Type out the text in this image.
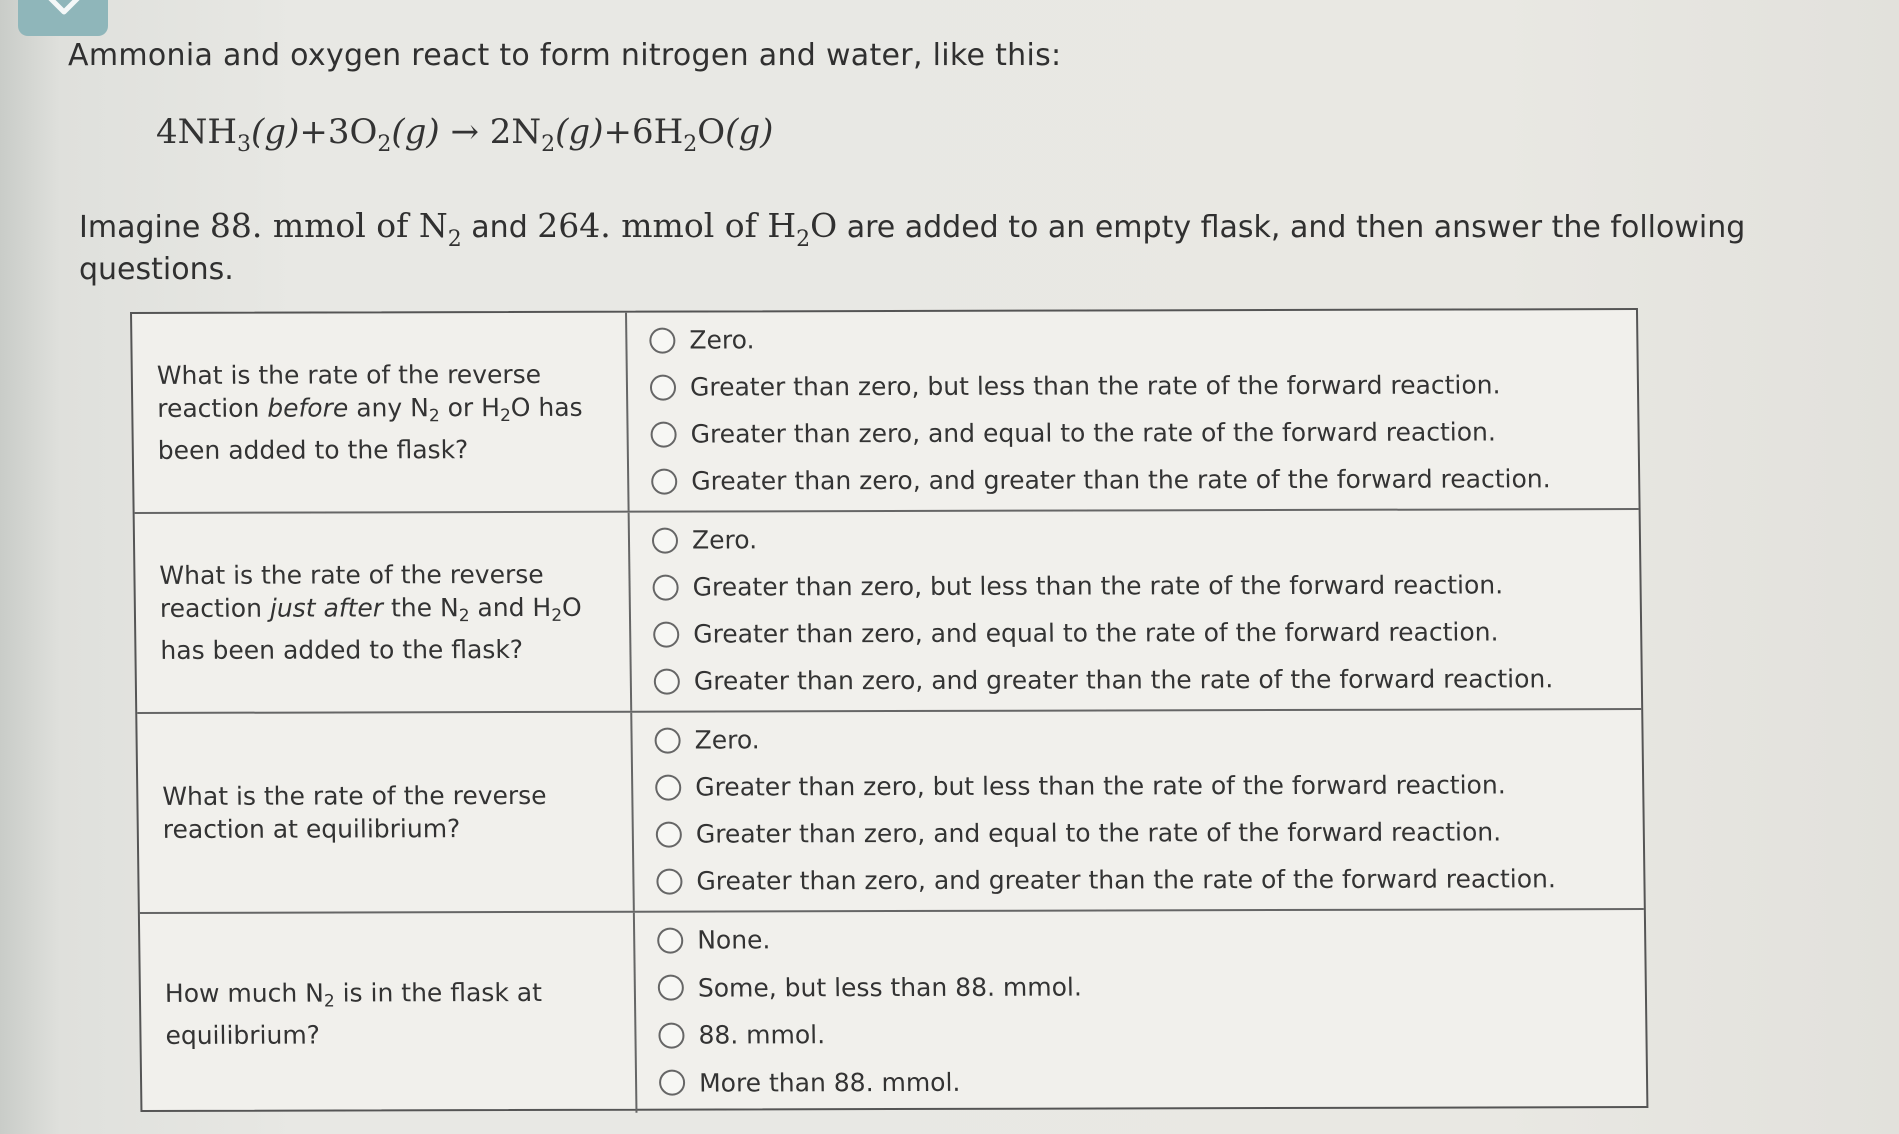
Ammonia and oxygen react to form nitrogen and water, like this:
$4NH_3(g)+3O_2(g) \to 2N_2(g)+6H_2O(g)$
Imagine 88. mmol of $N_2$ and 264. mmol of $H_2O$ are added to an empty flask, and then answer the following questions.
What is the rate of the reverse reaction before any $N_2$ or $H_2O$ has been added to the flask?
Zero.
Greater than zero, but less than the rate of the forward reaction.
Greater than zero, and equal to the rate of the forward reaction.
Greater than zero, and greater than the rate of the forward reaction.
What is the rate of the reverse reaction just after the $N_2$ and $H_2O$ has been added to the flask?
Zero.
Greater than zero, but less than the rate of the forward reaction.
Greater than zero, and equal to the rate of the forward reaction.
Greater than zero, and greater than the rate of the forward reaction.
What is the rate of the reverse reaction at equilibrium?
Zero.
Greater than zero, but less than the rate of the forward reaction.
Greater than zero, and equal to the rate of the forward reaction.
Greater than zero, and greater than the rate of the forward reaction.
How much $N_2$ is in the flask at equilibrium?
None.
Some, but less than 88. mmol.
88. mmol.
More than 88. mmol.
